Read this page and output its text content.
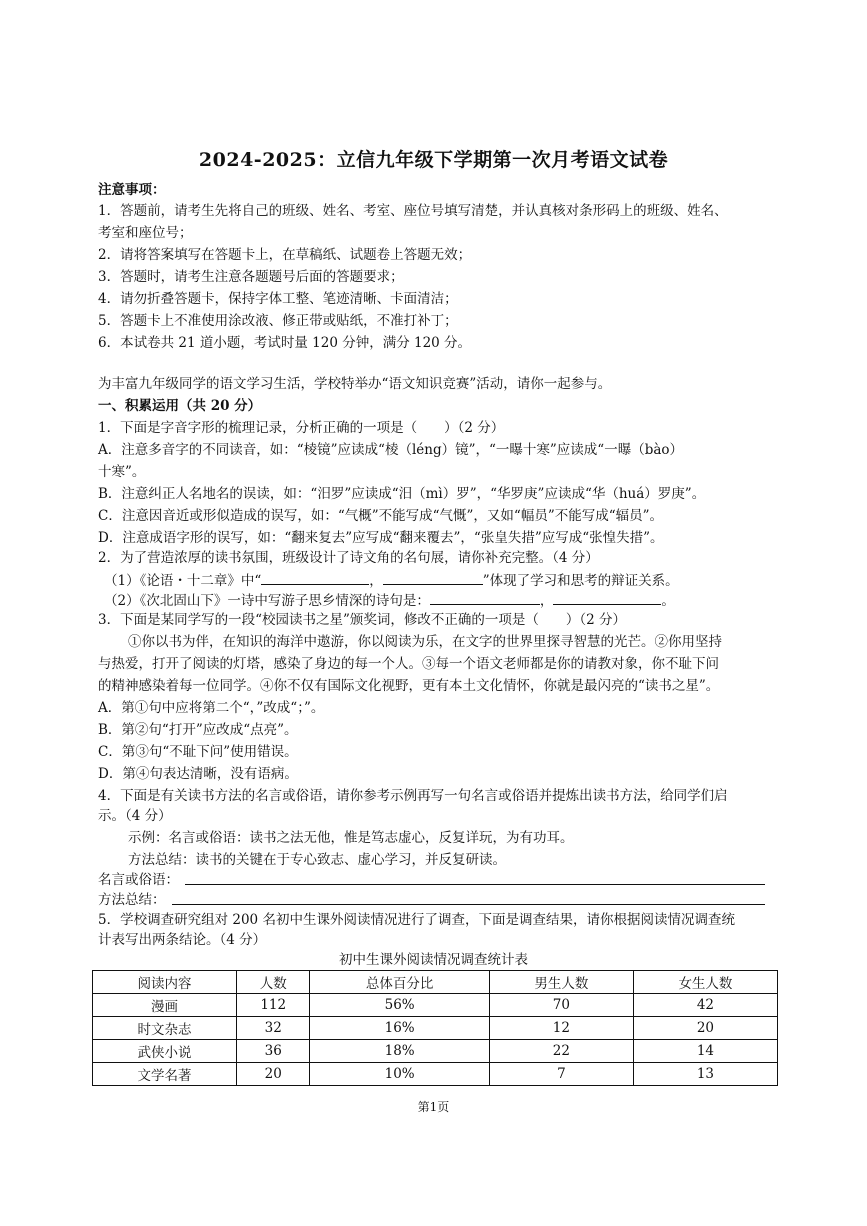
2024-2025：立信九年级下学期第一次月考语文试卷
注意事项：
1．答题前，请考生先将自己的班级、姓名、考室、座位号填写清楚，并认真核对条形码上的班级、姓名、
考室和座位号；
2．请将答案填写在答题卡上，在草稿纸、试题卷上答题无效；
3．答题时，请考生注意各题题号后面的答题要求；
4．请勿折叠答题卡，保持字体工整、笔迹清晰、卡面清洁；
5．答题卡上不准使用涂改液、修正带或贴纸，不准打补丁；
6．本试卷共 21 道小题，考试时量 120 分钟，满分 120 分。
为丰富九年级同学的语文学习生活，学校特举办“语文知识竞赛”活动，请你一起参与。
一、积累运用（共 20 分）
1．下面是字音字形的梳理记录，分析正确的一项是（　　）（2 分）
A．注意多音字的不同读音，如：“棱镜”应读成“棱（léng）镜”，“一曝十寒”应读成“一曝（bào）
十寒”。
B．注意纠正人名地名的误读，如：“汨罗”应读成“汨（mì）罗”，“华罗庚”应读成“华（huá）罗庚”。
C．注意因音近或形似造成的误写，如：“气概”不能写成“气慨”，又如“幅员”不能写成“辐员”。
D．注意成语字形的误写，如：“翻来复去”应写成“翻来覆去”，“张皇失措”应写成“张惶失措”。
2．为了营造浓厚的读书氛围，班级设计了诗文角的名句展，请你补充完整。（4 分）
（1）《论语・十二章》中“	，	”体现了学习和思考的辩证关系。
（2）《次北固山下》一诗中写游子思乡情深的诗句是：	，	。
3．下面是某同学写的一段“校园读书之星”颁奖词，修改不正确的一项是（　　）（2 分）
①你以书为伴，在知识的海洋中遨游，你以阅读为乐，在文字的世界里探寻智慧的光芒。②你用坚持
与热爱，打开了阅读的灯塔，感染了身边的每一个人。③每一个语文老师都是你的请教对象，你不耻下问
的精神感染着每一位同学。④你不仅有国际文化视野，更有本土文化情怀，你就是最闪亮的“读书之星”。
A．第①句中应将第二个“，”改成“；”。
B．第②句“打开”应改成“点亮”。
C．第③句“不耻下问”使用错误。
D．第④句表达清晰，没有语病。
4．下面是有关读书方法的名言或俗语，请你参考示例再写一句名言或俗语并提炼出读书方法，给同学们启
示。（4 分）
示例：名言或俗语：读书之法无他，惟是笃志虚心，反复详玩，为有功耳。
方法总结：读书的关键在于专心致志、虚心学习，并反复研读。
名言或俗语：
方法总结：
5．学校调查研究组对 200 名初中生课外阅读情况进行了调查，下面是调查结果，请你根据阅读情况调查统
计表写出两条结论。（4 分）
初中生课外阅读情况调查统计表
阅读内容	人数	总体百分比	男生人数	女生人数
漫画	112	56%	70	42
时文杂志	32	16%	12	20
武侠小说	36	18%	22	14
文学名著	20	10%	7	13
第1页
